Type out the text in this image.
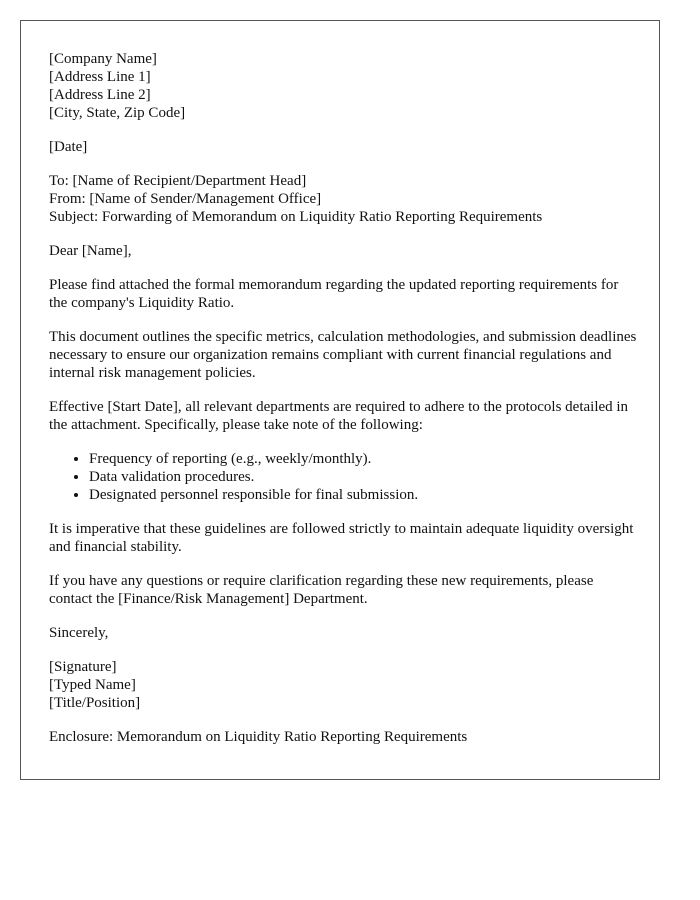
[Company Name]
[Address Line 1]
[Address Line 2]
[City, State, Zip Code]
[Date]
To: [Name of Recipient/Department Head]
From: [Name of Sender/Management Office]
Subject: Forwarding of Memorandum on Liquidity Ratio Reporting Requirements

Dear [Name],

Please find attached the formal memorandum regarding the updated reporting requirements for the company's Liquidity Ratio.

This document outlines the specific metrics, calculation methodologies, and submission deadlines necessary to ensure our organization remains compliant with current financial regulations and internal risk management policies.

Effective [Start Date], all relevant departments are required to adhere to the protocols detailed in the attachment. Specifically, please take note of the following:

• Frequency of reporting (e.g., weekly/monthly).
• Data validation procedures.
• Designated personnel responsible for final submission.

It is imperative that these guidelines are followed strictly to maintain adequate liquidity oversight and financial stability.

If you have any questions or require clarification regarding these new requirements, please contact the [Finance/Risk Management] Department.

Sincerely,

[Signature]
[Typed Name]
[Title/Position]

Enclosure: Memorandum on Liquidity Ratio Reporting Requirements
